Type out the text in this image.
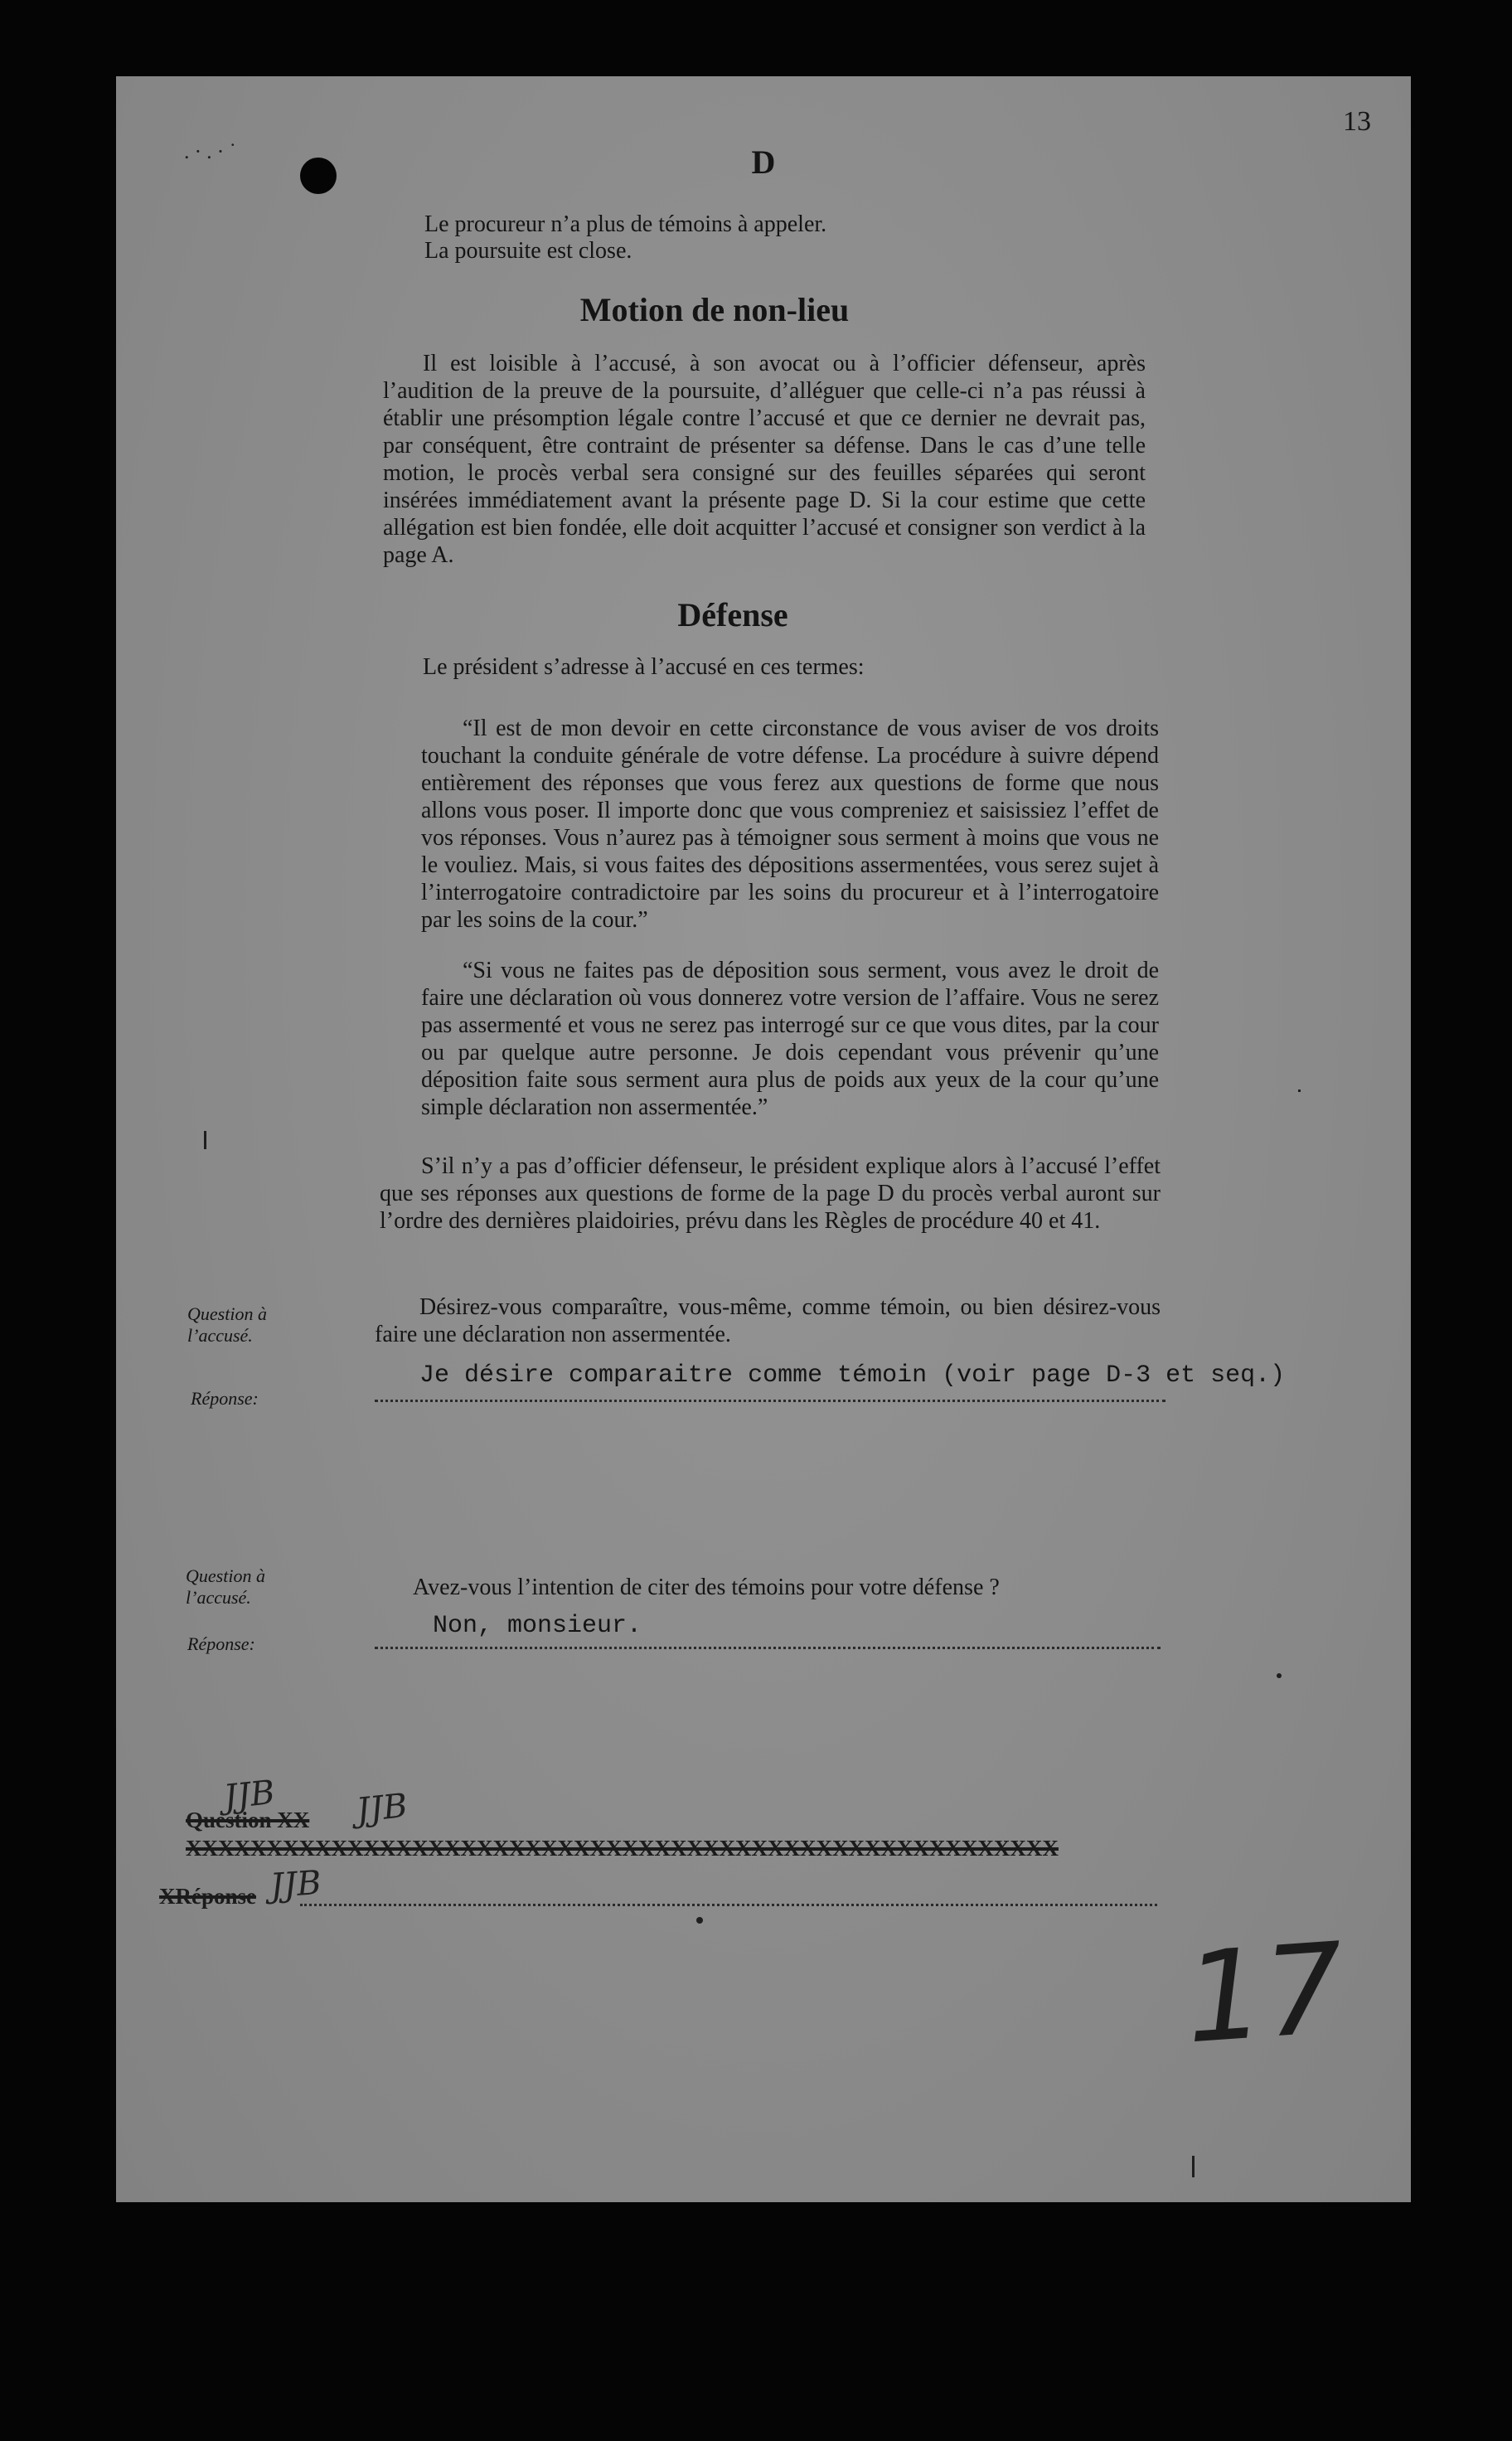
13
.·.·˙	D
Le procureur n’a plus de témoins à appeler.
La poursuite est close.
Motion de non-lieu
Il est loisible à l’accusé, à son avocat ou à l’officier défenseur, après l’audition de la preuve de la poursuite, d’alléguer que celle-ci n’a pas réussi à établir une présomption légale contre l’accusé et que ce dernier ne devrait pas, par conséquent, être contraint de présenter sa défense. Dans le cas d’une telle motion, le procès verbal sera consigné sur des feuilles séparées qui seront insérées immédiatement avant la présente page D. Si la cour estime que cette allégation est bien fondée, elle doit acquitter l’accusé et consigner son verdict à la page A.
Défense
Le président s’adresse à l’accusé en ces termes:
“Il est de mon devoir en cette circonstance de vous aviser de vos droits touchant la conduite générale de votre défense. La procédure à suivre dépend entièrement des réponses que vous ferez aux questions de forme que nous allons vous poser. Il importe donc que vous compreniez et saisissiez l’effet de vos réponses. Vous n’aurez pas à témoigner sous serment à moins que vous ne le vouliez. Mais, si vous faites des dépositions assermentées, vous serez sujet à l’interrogatoire contradictoire par les soins du procureur et à l’interrogatoire par les soins de la cour.”
“Si vous ne faites pas de déposition sous serment, vous avez le droit de faire une déclaration où vous donnerez votre version de l’affaire. Vous ne serez pas assermenté et vous ne serez pas interrogé sur ce que vous dites, par la cour ou par quelque autre personne. Je dois cependant vous prévenir qu’une déposition faite sous serment aura plus de poids aux yeux de la cour qu’une simple déclaration non assermentée.”
S’il n’y a pas d’officier défenseur, le président explique alors à l’accusé l’effet que ses réponses aux questions de forme de la page D du procès verbal auront sur l’ordre des dernières plaidoiries, prévu dans les Règles de procédure 40 et 41.
Question à
l’accusé.
Désirez-vous comparaître, vous-même, comme témoin, ou bien désirez-vous faire une déclaration non assermentée.
Réponse:
Je désire comparaitre comme témoin (voir page D-3 et seq.)
Question à
l’accusé.	Avez-vous l’intention de citer des témoins pour votre défense ?
Réponse:
Non, monsieur.
Question XX
XXXXXXXXXXXXXXXXXXXXXXXXXXXXXXXXXXXXXXXXXXXXXXXXXXXXXX
XRéponse
JJB JJB
JJB
17
